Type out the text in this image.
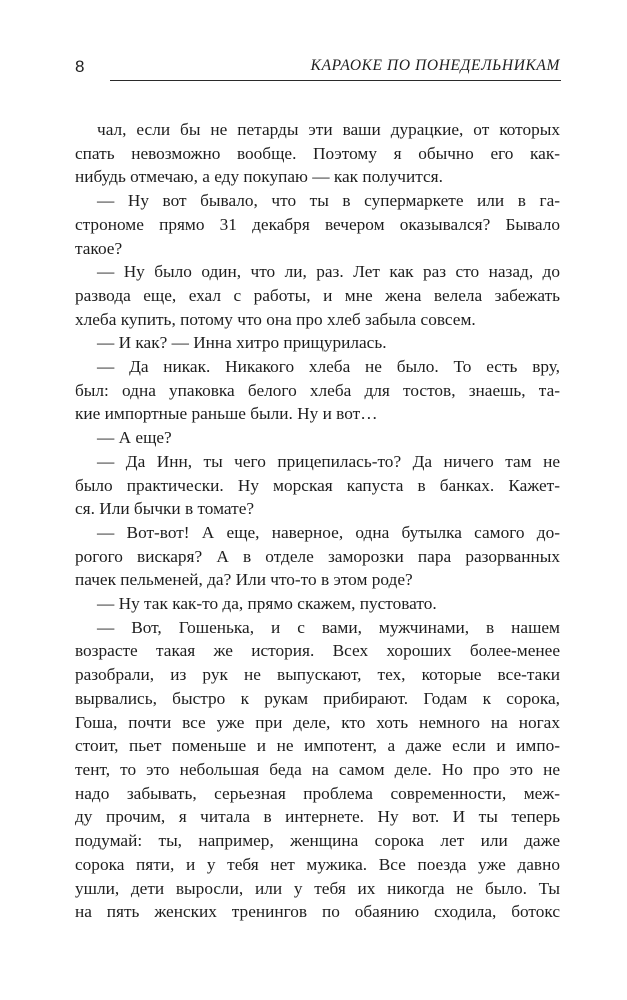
8	КАРАОКЕ ПО ПОНЕДЕЛЬНИКАМ
чал, если бы не петарды эти ваши дурацкие, от которых
спать невозможно вообще. Поэтому я обычно его как-
нибудь отмечаю, а еду покупаю — как получится.
— Ну вот бывало, что ты в супермаркете или в га-
строноме прямо 31 декабря вечером оказывался? Бывало
такое?
— Ну было один, что ли, раз. Лет как раз сто назад, до
развода еще, ехал с работы, и мне жена велела забежать
хлеба купить, потому что она про хлеб забыла совсем.
— И как? — Инна хитро прищурилась.
— Да никак. Никакого хлеба не было. То есть вру,
был: одна упаковка белого хлеба для тостов, знаешь, та-
кие импортные раньше были. Ну и вот…
— А еще?
— Да Инн, ты чего прицепилась-то? Да ничего там не
было практически. Ну морская капуста в банках. Кажет-
ся. Или бычки в томате?
— Вот-вот! А еще, наверное, одна бутылка самого до-
рогого вискаря? А в отделе заморозки пара разорванных
пачек пельменей, да? Или что-то в этом роде?
— Ну так как-то да, прямо скажем, пустовато.
— Вот, Гошенька, и с вами, мужчинами, в нашем
возрасте такая же история. Всех хороших более-менее
разобрали, из рук не выпускают, тех, которые все-таки
вырвались, быстро к рукам прибирают. Годам к сорока,
Гоша, почти все уже при деле, кто хоть немного на ногах
стоит, пьет поменьше и не импотент, а даже если и импо-
тент, то это небольшая беда на самом деле. Но про это не
надо забывать, серьезная проблема современности, меж-
ду прочим, я читала в интернете. Ну вот. И ты теперь
подумай: ты, например, женщина сорока лет или даже
сорока пяти, и у тебя нет мужика. Все поезда уже давно
ушли, дети выросли, или у тебя их никогда не было. Ты
на пять женских тренингов по обаянию сходила, ботокс
